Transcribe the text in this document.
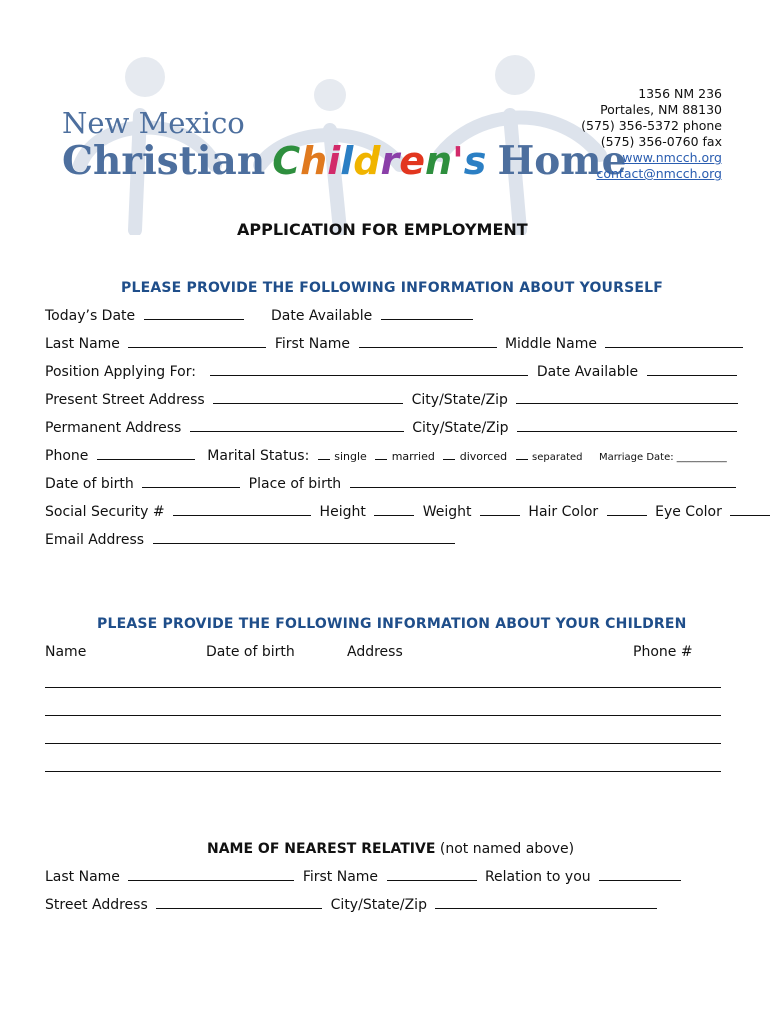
New Mexico
Christian Children's Home
1356 NM 236
Portales, NM 88130
(575) 356-5372 phone
(575) 356-0760 fax
www.nmcch.org
contact@nmcch.org
APPLICATION FOR EMPLOYMENT
PLEASE PROVIDE THE FOLLOWING INFORMATION ABOUT YOURSELF
Today’s Date	Date Available
Last Name	First Name	Middle Name
Position Applying For:	Date Available
Present Street Address	City/State/Zip
Permanent Address	City/State/Zip
Phone	Marital Status: single married divorced separated Marriage Date: __________
Date of birth	Place of birth
Social Security #	Height	Weight	Hair Color	Eye Color
Email Address
PLEASE PROVIDE THE FOLLOWING INFORMATION ABOUT YOUR CHILDREN
Name	Date of birth	Address	Phone #
NAME OF NEAREST RELATIVE (not named above)
Last Name	First Name	Relation to you
Street Address	City/State/Zip
